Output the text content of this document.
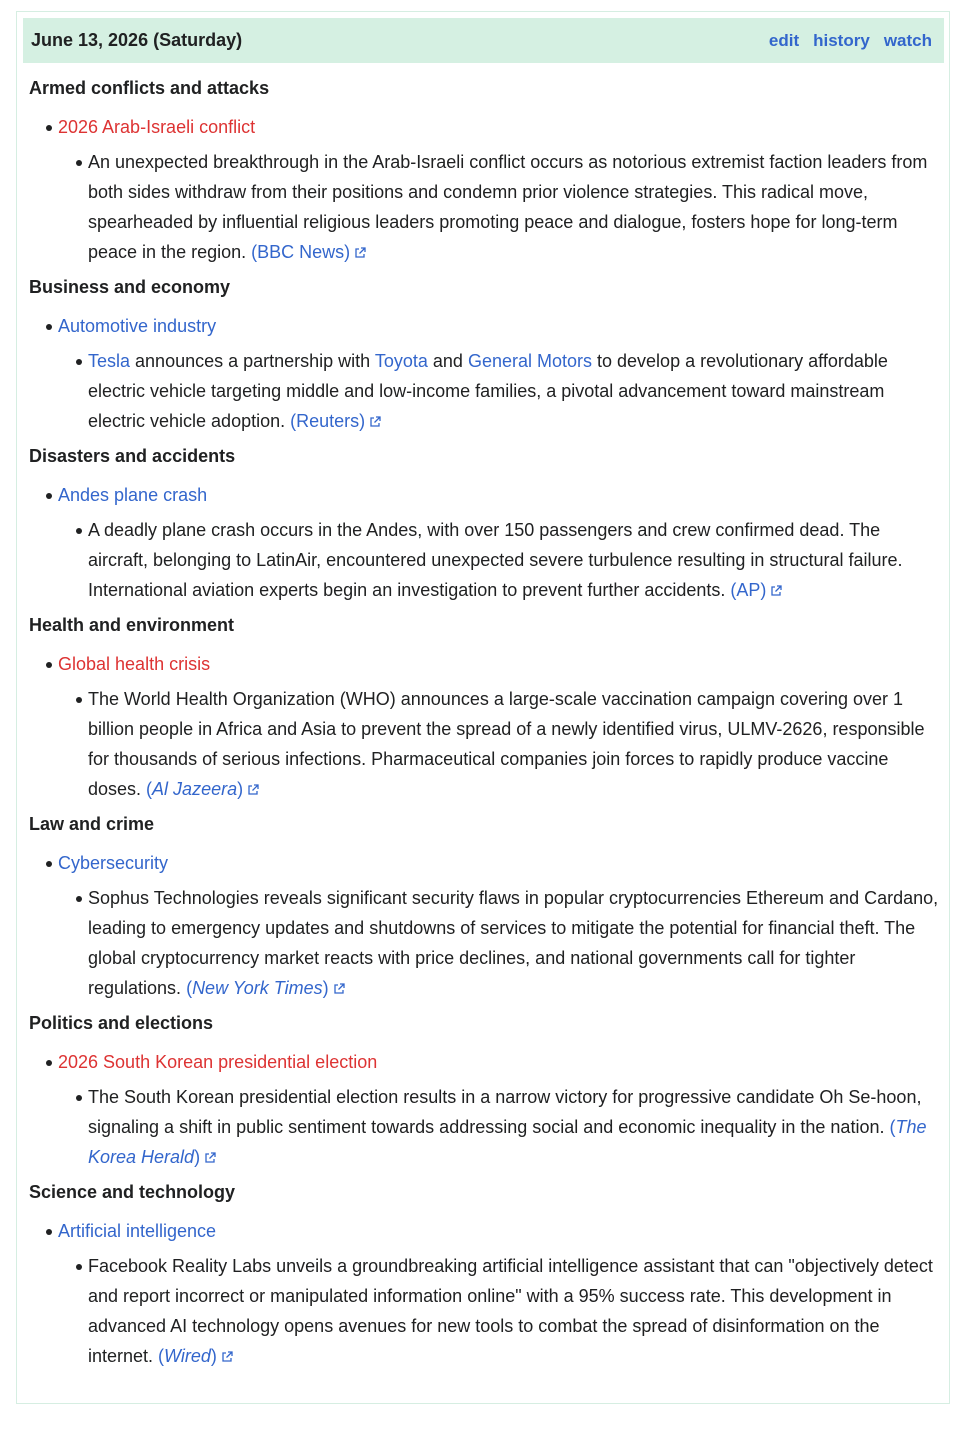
June 13, 2026 (Saturday)	edit history watch
Armed conflicts and attacks
2026 Arab-Israeli conflict
An unexpected breakthrough in the Arab-Israeli conflict occurs as notorious extremist faction leaders from both sides withdraw from their positions and condemn prior violence strategies. This radical move, spearheaded by influential religious leaders promoting peace and dialogue, fosters hope for long-term peace in the region. (BBC News)
Business and economy
Automotive industry
Tesla announces a partnership with Toyota and General Motors to develop a revolutionary affordable electric vehicle targeting middle and low-income families, a pivotal advancement toward mainstream electric vehicle adoption. (Reuters)
Disasters and accidents
Andes plane crash
A deadly plane crash occurs in the Andes, with over 150 passengers and crew confirmed dead. The aircraft, belonging to LatinAir, encountered unexpected severe turbulence resulting in structural failure. International aviation experts begin an investigation to prevent further accidents. (AP)
Health and environment
Global health crisis
The World Health Organization (WHO) announces a large-scale vaccination campaign covering over 1 billion people in Africa and Asia to prevent the spread of a newly identified virus, ULMV-2626, responsible for thousands of serious infections. Pharmaceutical companies join forces to rapidly produce vaccine doses. (Al Jazeera)
Law and crime
Cybersecurity
Sophus Technologies reveals significant security flaws in popular cryptocurrencies Ethereum and Cardano, leading to emergency updates and shutdowns of services to mitigate the potential for financial theft. The global cryptocurrency market reacts with price declines, and national governments call for tighter regulations. (New York Times)
Politics and elections
2026 South Korean presidential election
The South Korean presidential election results in a narrow victory for progressive candidate Oh Se-hoon, signaling a shift in public sentiment towards addressing social and economic inequality in the nation. (The Korea Herald)
Science and technology
Artificial intelligence
Facebook Reality Labs unveils a groundbreaking artificial intelligence assistant that can "objectively detect and report incorrect or manipulated information online" with a 95% success rate. This development in advanced AI technology opens avenues for new tools to combat the spread of disinformation on the internet. (Wired)
